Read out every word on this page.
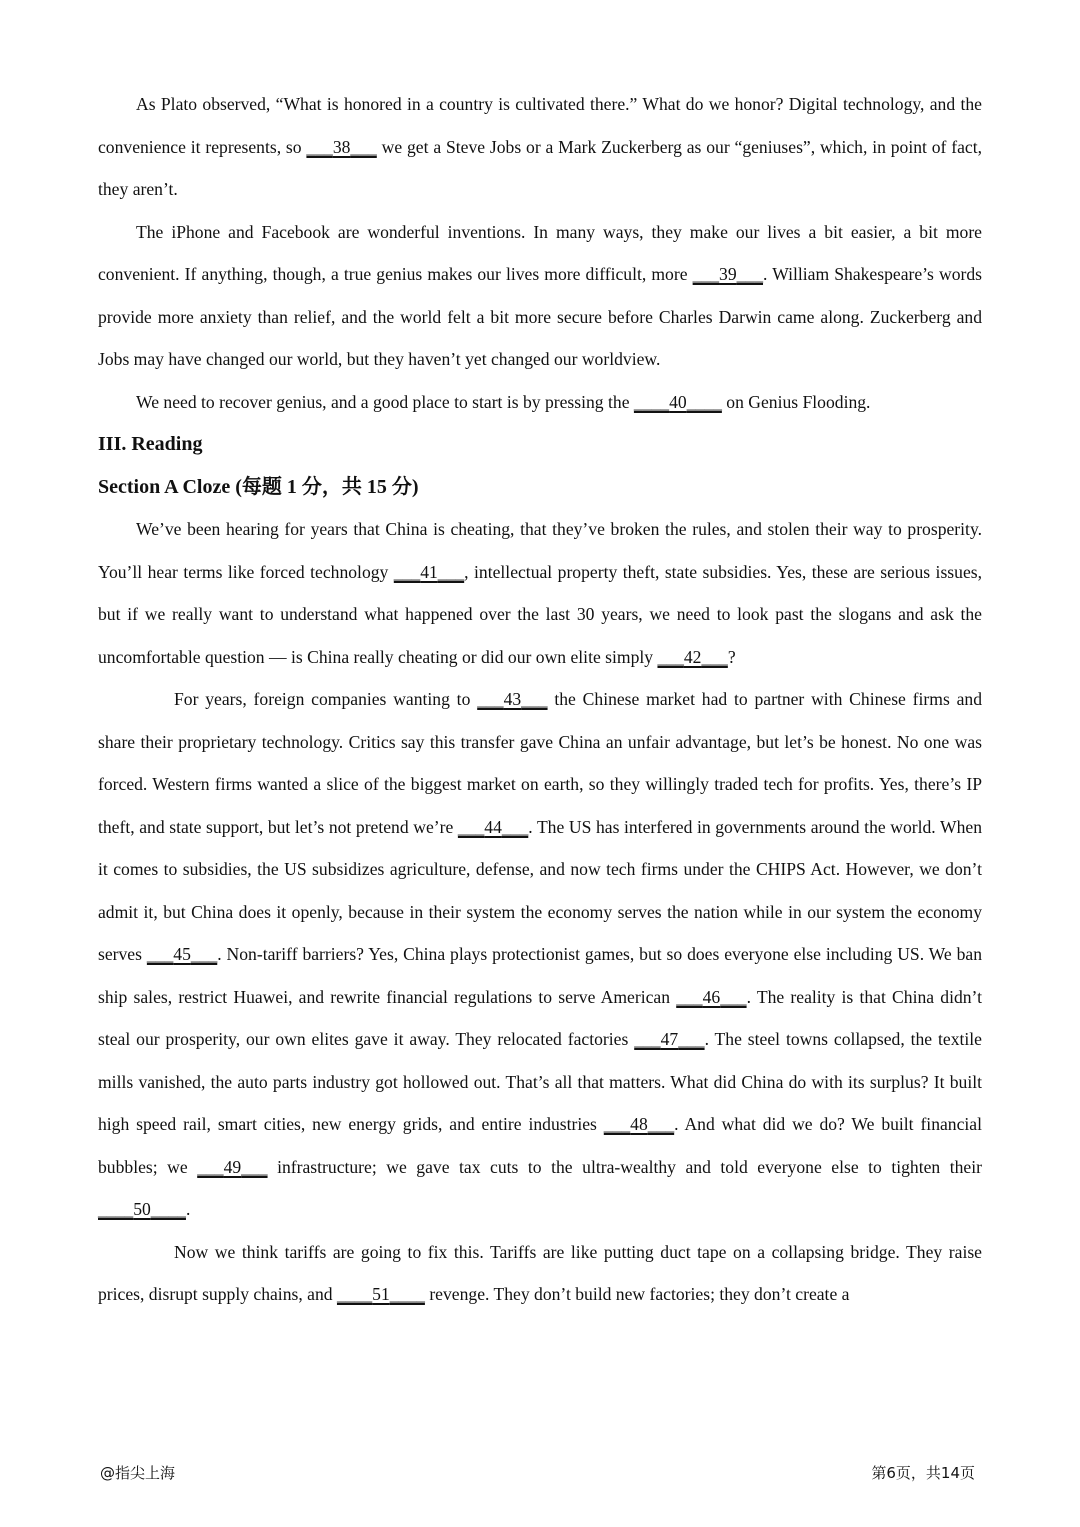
As Plato observed, “What is honored in a country is cultivated there.” What do we honor? Digital technology, and the convenience it represents, so ___38___ we get a Steve Jobs or a Mark Zuckerberg as our “geniuses”, which, in point of fact, they aren’t.

The iPhone and Facebook are wonderful inventions. In many ways, they make our lives a bit easier, a bit more convenient. If anything, though, a true genius makes our lives more difficult, more ___39___. William Shakespeare’s words provide more anxiety than relief, and the world felt a bit more secure before Charles Darwin came along. Zuckerberg and Jobs may have changed our world, but they haven’t yet changed our worldview.

We need to recover genius, and a good place to start is by pressing the ____40____ on Genius Flooding.

III. Reading

Section A Cloze (每题 1 分，共 15 分)

We’ve been hearing for years that China is cheating, that they’ve broken the rules, and stolen their way to prosperity. You’ll hear terms like forced technology ___41___, intellectual property theft, state subsidies. Yes, these are serious issues, but if we really want to understand what happened over the last 30 years, we need to look past the slogans and ask the uncomfortable question — is China really cheating or did our own elite simply ___42___?

For years, foreign companies wanting to ___43___ the Chinese market had to partner with Chinese firms and share their proprietary technology. Critics say this transfer gave China an unfair advantage, but let’s be honest. No one was forced. Western firms wanted a slice of the biggest market on earth, so they willingly traded tech for profits. Yes, there’s IP theft, and state support, but let’s not pretend we’re ___44___. The US has interfered in governments around the world. When it comes to subsidies, the US subsidizes agriculture, defense, and now tech firms under the CHIPS Act. However, we don’t admit it, but China does it openly, because in their system the economy serves the nation while in our system the economy serves ___45___. Non-tariff barriers? Yes, China plays protectionist games, but so does everyone else including US. We ban ship sales, restrict Huawei, and rewrite financial regulations to serve American ___46___. The reality is that China didn’t steal our prosperity, our own elites gave it away. They relocated factories ___47___. The steel towns collapsed, the textile mills vanished, the auto parts industry got hollowed out. That’s all that matters. What did China do with its surplus? It built high speed rail, smart cities, new energy grids, and entire industries ___48___. And what did we do? We built financial bubbles; we ___49___ infrastructure; we gave tax cuts to the ultra-wealthy and told everyone else to tighten their ____50____.

Now we think tariffs are going to fix this. Tariffs are like putting duct tape on a collapsing bridge. They raise prices, disrupt supply chains, and ____51____ revenge. They don’t build new factories; they don’t create a

@指尖上海	第6页，共14页
